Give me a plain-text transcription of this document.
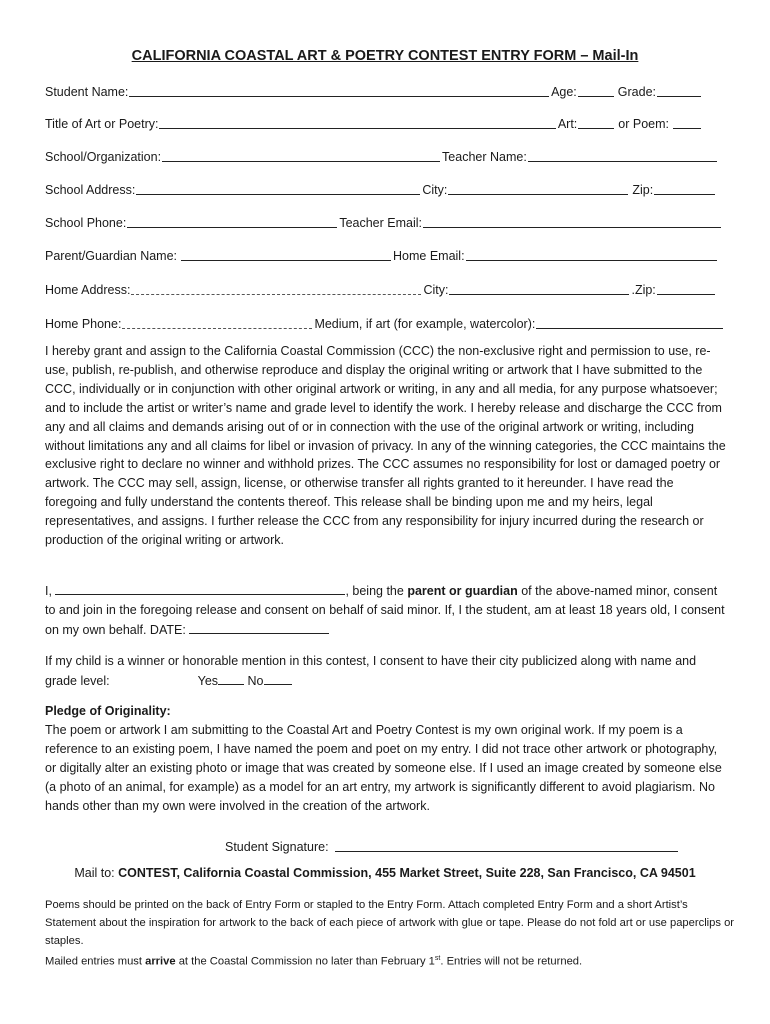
CALIFORNIA COASTAL ART & POETRY CONTEST ENTRY FORM – Mail-In
Student Name:	Age:	Grade:
Title of Art or Poetry:	Art:	or Poem:
School/Organization:	Teacher Name:
School Address:	City:	Zip:
School Phone:	Teacher Email:
Parent/Guardian Name:	Home Email:
Home Address:	City:	.Zip:
Home Phone:	Medium, if art (for example, watercolor):

I hereby grant and assign to the California Coastal Commission (CCC) the non-exclusive right and permission to use, re-use, publish, re-publish, and otherwise reproduce and display the original writing or artwork that I have submitted to the CCC, individually or in conjunction with other original artwork or writing, in any and all media, for any purpose whatsoever; and to include the artist or writer’s name and grade level to identify the work. I hereby release and discharge the CCC from any and all claims and demands arising out of or in connection with the use of the original artwork or writing, including without limitations any and all claims for libel or invasion of privacy. In any of the winning categories, the CCC maintains the exclusive right to declare no winner and withhold prizes. The CCC assumes no responsibility for lost or damaged poetry or artwork. The CCC may sell, assign, license, or otherwise transfer all rights granted to it hereunder. I have read the foregoing and fully understand the contents thereof. This release shall be binding upon me and my heirs, legal representatives, and assigns. I further release the CCC from any responsibility for injury incurred during the research or production of the original writing or artwork.

I,	, being the parent or guardian of the above-named minor, consent to and join in the foregoing release and consent on behalf of said minor. If, I the student, am at least 18 years old, I consent on my own behalf. DATE:

If my child is a winner or honorable mention in this contest, I consent to have their city publicized along with name and grade level:	Yes No

Pledge of Originality:

The poem or artwork I am submitting to the Coastal Art and Poetry Contest is my own original work. If my poem is a reference to an existing poem, I have named the poem and poet on my entry. I did not trace other artwork or photography, or digitally alter an existing photo or image that was created by someone else. If I used an image created by someone else (a photo of an animal, for example) as a model for an art entry, my artwork is significantly different to avoid plagiarism. No hands other than my own were involved in the creation of the artwork.

Student Signature:
Mail to: CONTEST, California Coastal Commission, 455 Market Street, Suite 228, San Francisco, CA 94501

Poems should be printed on the back of Entry Form or stapled to the Entry Form. Attach completed Entry Form and a short Artist’s Statement about the inspiration for artwork to the back of each piece of artwork with glue or tape. Please do not fold art or use paperclips or staples.

Mailed entries must arrive at the Coastal Commission no later than February 1st. Entries will not be returned.
